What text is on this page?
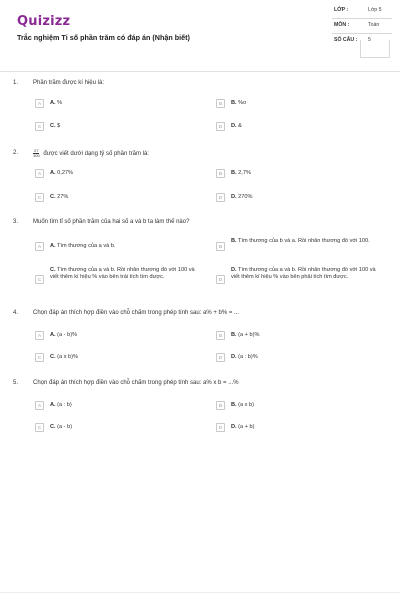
Quizizz
Trắc nghiệm Tỉ số phần trăm có đáp án (Nhận biết)
LỚP :	Lớp 5
MÔN :	Toán
SỐ CÂU : 5
1. Phần trăm được kí hiệu là:
A	A. %	B	B. %o
C	C. $	D	D. &
2.	$\frac{27}{100}$ được viết dưới dạng tỷ số phần trăm là:
A	A. 0,27%	B	B. 2,7%
C	C. 27%	D	D. 270%
3. Muốn tìm tỉ số phần trăm của hai số a và b ta làm thế nào?
A	A. Tìm thương của a và b.	B
B. Tìm thương của b và a. Rồi nhân thương đó với 100.
C
C. Tìm thương của a và b. Rồi nhân thương đó với 100 và viết thêm kí hiệu % vào bên trái tích tìm được.	D
D. Tìm thương của a và b. Rồi nhân thương đó với 100 và viết thêm kí hiệu % vào bên phải tích tìm được.
4. Chọn đáp án thích hợp điền vào chỗ chấm trong phép tính sau: a% + b% = ...
A	A. (a - b)%	B	B. (a + b)%
C	C. (a x b)%	D	D. (a : b)%
5. Chọn đáp án thích hợp điền vào chỗ chấm trong phép tính sau: a% x b = ...%
A	A. (a : b)	B	B. (a x b)
C	C. (a - b)	D	D. (a + b)
